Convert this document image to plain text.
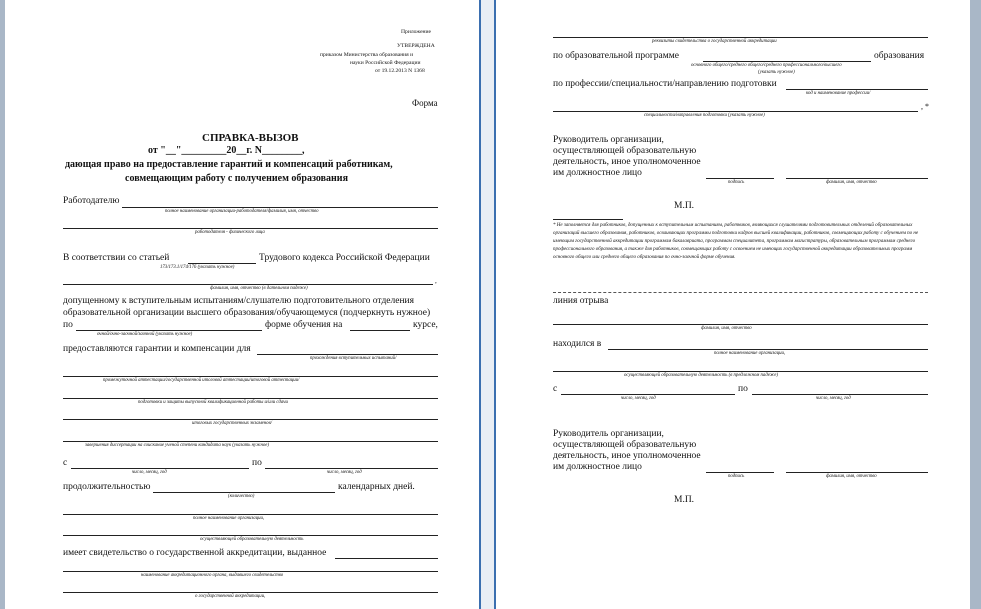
Приложение
УТВЕРЖДЕНА
приказом Министерства образования и
науки Российской Федерации
от 19.12.2013 N 1368
Форма
СПРАВКА-ВЫЗОВ
от "__"_________20__г. N________,
дающая право на предоставление гарантий и компенсаций работникам,
совмещающим работу с получением образования
Работодателю
полное наименование организации-работодателя/фамилия, имя, отчество
работодателя - физического лица
В соответствии со статьей	Трудового кодекса Российской Федерации
173/173.1/174/176 (указать нужное)
,
фамилия, имя, отчество (в дательном падеже)
допущенному к вступительным испытаниям/слушателю подготовительного отделения
образовательной организации высшего образования/обучающемуся (подчеркнуть нужное)
по	форме обучения на	курсе,
очной/очно-заочной/заочной (указать нужное)
предоставляются гарантии и компенсации для
прохождения вступительных испытаний/
промежуточной аттестации/государственной итоговой аттестации/итоговой аттестации/
подготовки и защиты выпускной квалификационной работы и/или сдачи
итоговых государственных экзаменов/
завершения диссертации на соискание ученой степени кандидата наук (указать нужное)
с	по
число, месяц, год	число, месяц, год
продолжительностью	календарных дней.
(количество)
полное наименование организации,
осуществляющей образовательную деятельность
имеет свидетельство о государственной аккредитации, выданное
наименование аккредитационного органа, выдавшего свидетельство
о государственной аккредитации,
реквизиты свидетельства о государственной аккредитации
по образовательной программе	образования
основного общего/среднего общего/среднего профессионального/высшего
(указать нужное)
по профессии/специальности/направлению подготовки
код и наименование профессии/
, *
специальности/направления подготовки (указать нужное)
Руководитель организации,
осуществляющей образовательную
деятельность, иное уполномоченное
им должностное лицо
подпись	фамилия, имя, отчество
М.П.
* Не заполняется для работников, допущенных к вступительным испытаниям, работников, являющихся слушателями подготовительных отделений образовательных организаций высшего образования, работников, осваивающих программы подготовки кадров высшей квалификации, работников, совмещающих работу с обучением по не имеющим государственной аккредитации программам бакалавриата, программам специалитета, программам магистратуры, образовательным программам среднего профессионального образования, а также для работников, совмещающих работу с освоением не имеющих государственной аккредитации образовательных программ основного общего или среднего общего образования по очно-заочной форме обучения.
линия отрыва
фамилия, имя, отчество
находился в
полное наименование организации,
осуществляющей образовательную деятельность (в предложном падеже)
с	по
число, месяц, год	число, месяц, год
Руководитель организации,
осуществляющей образовательную
деятельность, иное уполномоченное
им должностное лицо
подпись	фамилия, имя, отчество
М.П.
